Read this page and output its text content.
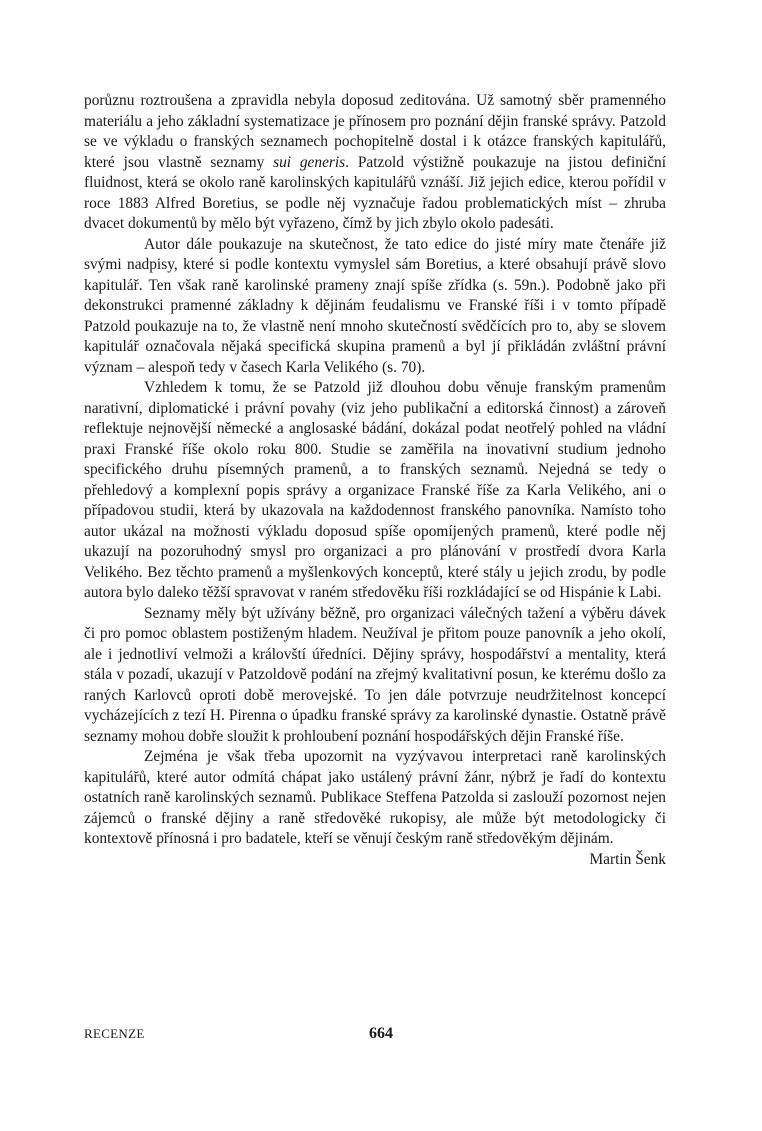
porůznu roztroušena a zpravidla nebyla doposud zeditována. Už samotný sběr pramenného materiálu a jeho základní systematizace je přínosem pro poznání dějin franské správy. Patzold se ve výkladu o franských seznamech pochopitelně dostal i k otázce franských kapitulářů, které jsou vlastně seznamy sui generis. Patzold výstižně poukazuje na jistou definiční fluidnost, která se okolo raně karolinských kapitulářů vznáší. Již jejich edice, kterou pořídil v roce 1883 Alfred Boretius, se podle něj vyznačuje řadou problematických míst – zhruba dvacet dokumentů by mělo být vyřazeno, čímž by jich zbylo okolo padesáti.

Autor dále poukazuje na skutečnost, že tato edice do jisté míry mate čtenáře již svými nadpisy, které si podle kontextu vymyslel sám Boretius, a které obsahují právě slovo kapitulář. Ten však raně karolinské prameny znají spíše zřídka (s. 59n.). Podobně jako při dekonstrukci pramenné základny k dějinám feudalismu ve Franské říši i v tomto případě Patzold poukazuje na to, že vlastně není mnoho skutečností svědčících pro to, aby se slovem kapitulář označovala nějaká specifická skupina pramenů a byl jí přikládán zvláštní právní význam – alespoň tedy v časech Karla Velikého (s. 70).

Vzhledem k tomu, že se Patzold již dlouhou dobu věnuje franským pramenům narativní, diplomatické i právní povahy (viz jeho publikační a editorská činnost) a zároveň reflektuje nejnovější německé a anglosaské bádání, dokázal podat neotřelý pohled na vládní praxi Franské říše okolo roku 800. Studie se zaměřila na inovativní studium jednoho specifického druhu písemných pramenů, a to franských seznamů. Nejedná se tedy o přehledový a komplexní popis správy a organizace Franské říše za Karla Velikého, ani o případovou studii, která by ukazovala na každodennost franského panovníka. Namísto toho autor ukázal na možnosti výkladu doposud spíše opomíjených pramenů, které podle něj ukazují na pozoruhodný smysl pro organizaci a pro plánování v prostředí dvora Karla Velikého. Bez těchto pramenů a myšlenkových konceptů, které stály u jejich zrodu, by podle autora bylo daleko těžší spravovat v raném středověku říši rozkládající se od Hispánie k Labi.

Seznamy měly být užívány běžně, pro organizaci válečných tažení a výběru dávek či pro pomoc oblastem postiženým hladem. Neužíval je přitom pouze panovník a jeho okolí, ale i jednotliví velmoži a královští úředníci. Dějiny správy, hospodářství a mentality, která stála v pozadí, ukazují v Patzoldově podání na zřejmý kvalitativní posun, ke kterému došlo za raných Karlovců oproti době merovejské. To jen dále potvrzuje neudržitelnost koncepcí vycházejících z tezí H. Pirenna o úpadku franské správy za karolinské dynastie. Ostatně právě seznamy mohou dobře sloužit k prohloubení poznání hospodářských dějin Franské říše.

Zejména je však třeba upozornit na vyzývavou interpretaci raně karolinských kapitulářů, které autor odmítá chápat jako ustálený právní žánr, nýbrž je řadí do kontextu ostatních raně karolinských seznamů. Publikace Steffena Patzolda si zaslouží pozornost nejen zájemců o franské dějiny a raně středověké rukopisy, ale může být metodologicky či kontextově přínosná i pro badatele, kteří se věnují českým raně středověkým dějinám.

Martin Šenk

RECENZE	664
